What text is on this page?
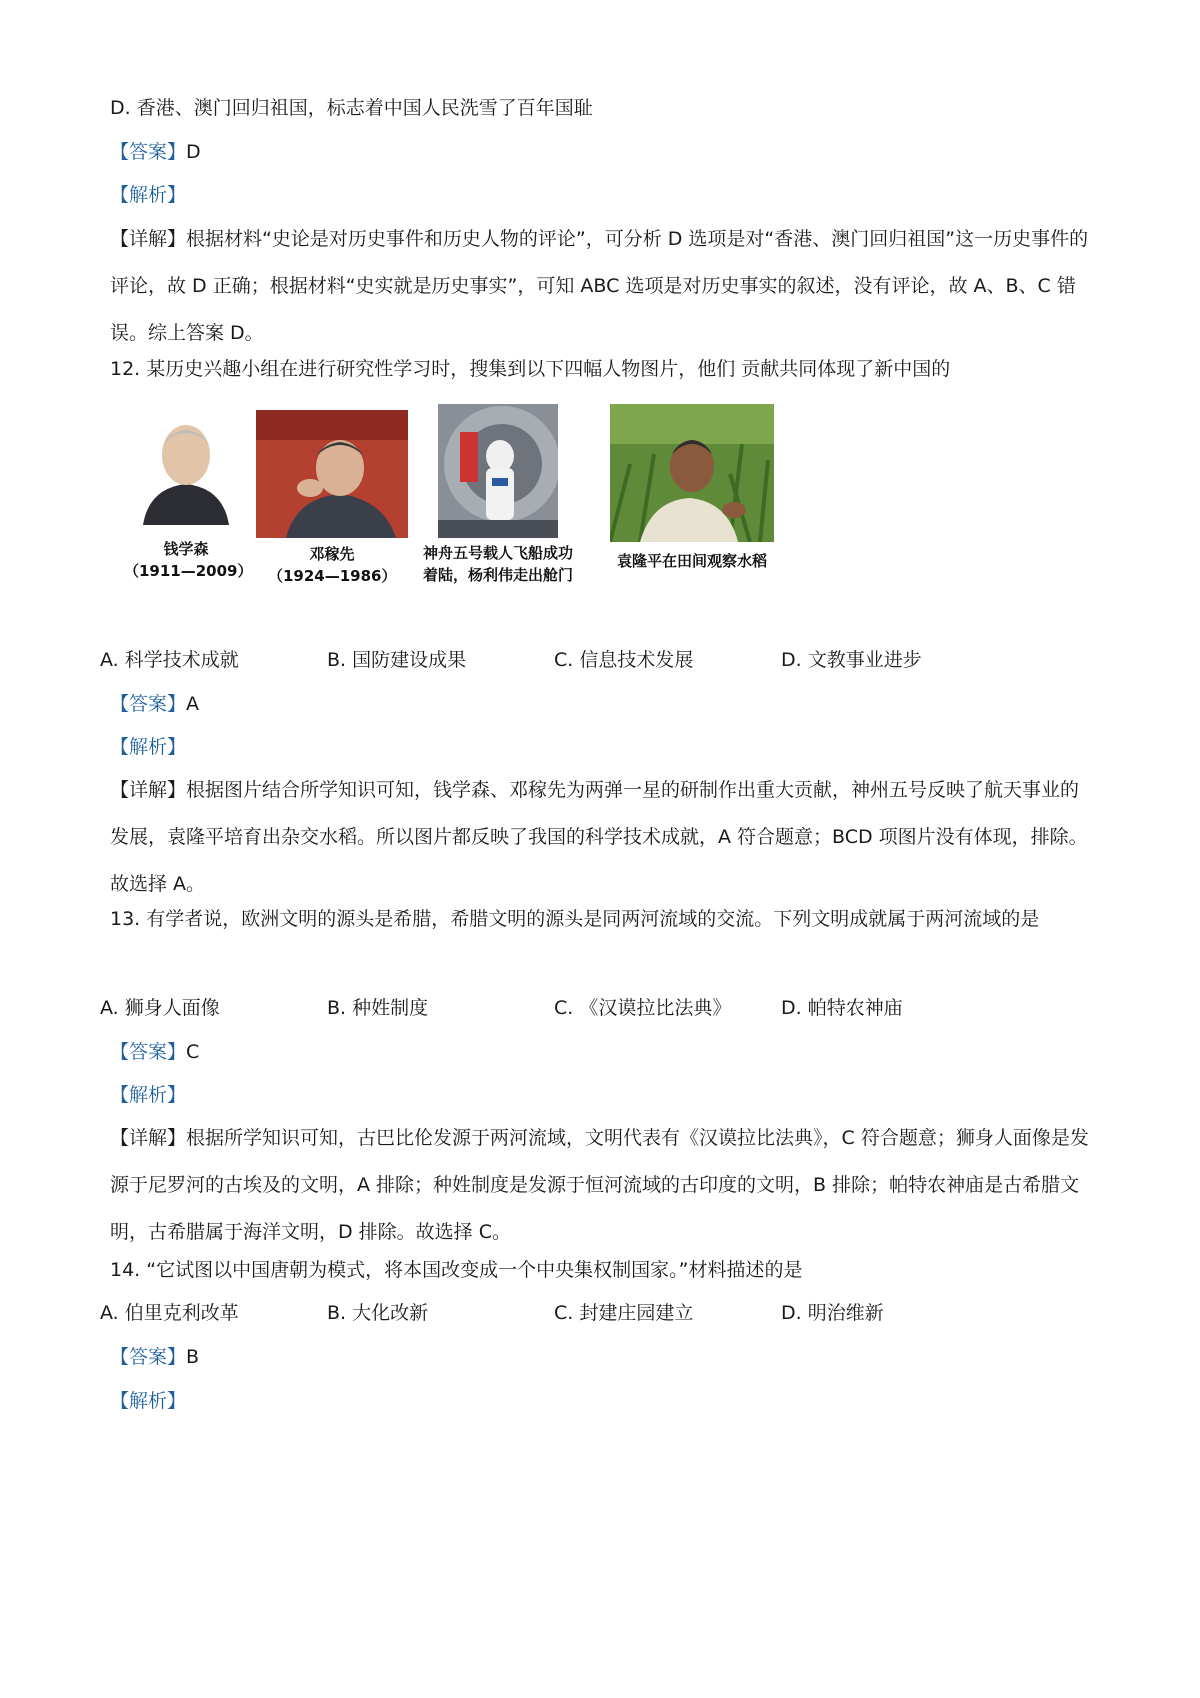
D. 香港、澳门回归祖国，标志着中国人民洗雪了百年国耻
【答案】D
【解析】
【详解】根据材料“史论是对历史事件和历史人物的评论”，可分析 D 选项是对“香港、澳门回归祖国”这一历史事件的评论，故 D 正确；根据材料“史实就是历史事实”，可知 ABC 选项是对历史事实的叙述，没有评论，故 A、B、C 错误。综上答案 D。
12. 某历史兴趣小组在进行研究性学习时，搜集到以下四幅人物图片，他们 贡献共同体现了新中国的
钱学森
（1911—2009）
邓稼先
（1924—1986）
神舟五号载人飞船成功
着陆，杨利伟走出舱门
袁隆平在田间观察水稻
A. 科学技术成就	B. 国防建设成果	C. 信息技术发展	D. 文教事业进步
【答案】A
【解析】
【详解】根据图片结合所学知识可知，钱学森、邓稼先为两弹一星的研制作出重大贡献，神州五号反映了航天事业的发展，袁隆平培育出杂交水稻。所以图片都反映了我国的科学技术成就，A 符合题意；BCD 项图片没有体现，排除。故选择 A。
13. 有学者说，欧洲文明的源头是希腊，希腊文明的源头是同两河流域的交流。下列文明成就属于两河流域的是
A. 狮身人面像	B. 种姓制度	C. 《汉谟拉比法典》	D. 帕特农神庙
【答案】C
【解析】
【详解】根据所学知识可知，古巴比伦发源于两河流域，文明代表有《汉谟拉比法典》，C 符合题意；狮身人面像是发源于尼罗河的古埃及的文明，A 排除；种姓制度是发源于恒河流域的古印度的文明，B 排除；帕特农神庙是古希腊文明，古希腊属于海洋文明，D 排除。故选择 C。
14. “它试图以中国唐朝为模式，将本国改变成一个中央集权制国家。”材料描述的是
A. 伯里克利改革	B. 大化改新	C. 封建庄园建立	D. 明治维新
【答案】B
【解析】
